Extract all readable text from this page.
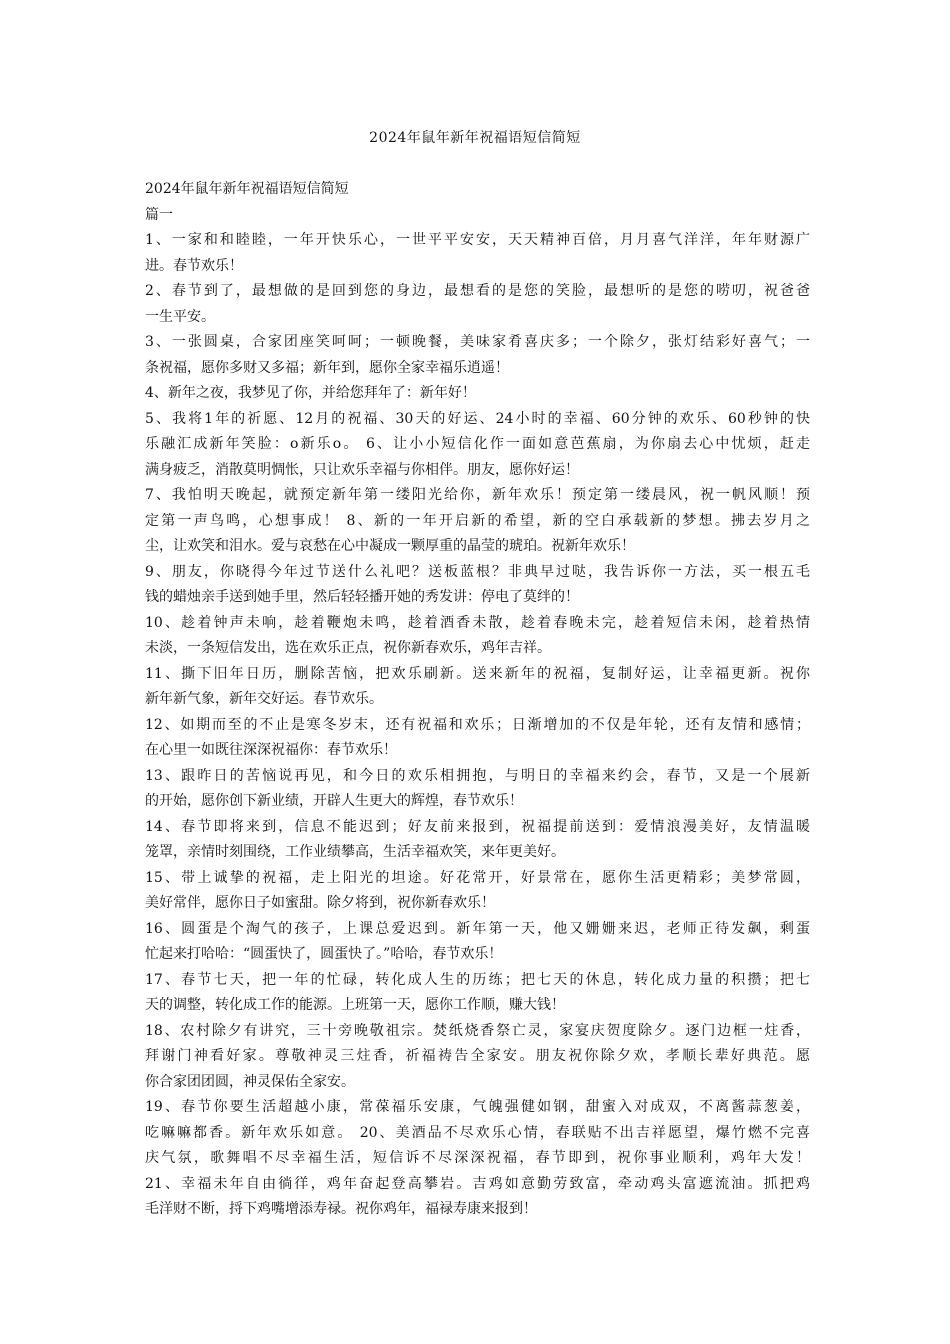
2024年鼠年新年祝福语短信简短
2024年鼠年新年祝福语短信简短
篇一
1、一家和和睦睦，一年开快乐心，一世平平安安，天天精神百倍，月月喜气洋洋，年年财源广
进。春节欢乐！
2、春节到了，最想做的是回到您的身边，最想看的是您的笑脸，最想听的是您的唠叨，祝爸爸
一生平安。
3、一张圆桌，合家团座笑呵呵；一顿晚餐，美味家肴喜庆多；一个除夕，张灯结彩好喜气；一
条祝福，愿你多财又多福；新年到，愿你全家幸福乐逍遥！
4、新年之夜，我梦见了你，并给您拜年了：新年好！
5、我将1年的祈愿、12月的祝福、30天的好运、24小时的幸福、60分钟的欢乐、60秒钟的快
乐融汇成新年笑脸：o新乐o。 6、让小小短信化作一面如意芭蕉扇，为你扇去心中忧烦，赶走
满身疲乏，消散莫明惆怅，只让欢乐幸福与你相伴。朋友，愿你好运！
7、我怕明天晚起，就预定新年第一缕阳光给你，新年欢乐！预定第一缕晨风，祝一帆风顺！预
定第一声鸟鸣，心想事成！ 8、新的一年开启新的希望，新的空白承载新的梦想。拂去岁月之
尘，让欢笑和泪水。爱与哀愁在心中凝成一颗厚重的晶莹的琥珀。祝新年欢乐！
9、朋友，你晓得今年过节送什么礼吧？送板蓝根？非典早过哒，我告诉你一方法，买一根五毛
钱的蜡烛亲手送到她手里，然后轻轻播开她的秀发讲：停电了莫绊的！
10、趁着钟声未响，趁着鞭炮未鸣，趁着酒香未散，趁着春晚未完，趁着短信未闲，趁着热情
未淡，一条短信发出，选在欢乐正点，祝你新春欢乐，鸡年吉祥。
11、撕下旧年日历，删除苦恼，把欢乐刷新。送来新年的祝福，复制好运，让幸福更新。祝你
新年新气象，新年交好运。春节欢乐。
12、如期而至的不止是寒冬岁末，还有祝福和欢乐；日渐增加的不仅是年轮，还有友情和感情；
在心里一如既往深深祝福你：春节欢乐！
13、跟昨日的苦恼说再见，和今日的欢乐相拥抱，与明日的幸福来约会，春节，又是一个展新
的开始，愿你创下新业绩，开辟人生更大的辉煌，春节欢乐！
14、春节即将来到，信息不能迟到；好友前来报到，祝福提前送到：爱情浪漫美好，友情温暖
笼罩，亲情时刻围绕，工作业绩攀高，生活幸福欢笑，来年更美好。
15、带上诚挚的祝福，走上阳光的坦途。好花常开，好景常在，愿你生活更精彩；美梦常圆，
美好常伴，愿你日子如蜜甜。除夕将到，祝你新春欢乐！
16、圆蛋是个淘气的孩子，上课总爱迟到。新年第一天，他又姗姗来迟，老师正待发飙，剩蛋
忙起来打哈哈：“圆蛋快了，圆蛋快了。”哈哈，春节欢乐！
17、春节七天，把一年的忙碌，转化成人生的历练；把七天的休息，转化成力量的积攒；把七
天的调整，转化成工作的能源。上班第一天，愿你工作顺，赚大钱！
18、农村除夕有讲究，三十旁晚敬祖宗。焚纸烧香祭亡灵，家宴庆贺度除夕。逐门边框一炷香，
拜谢门神看好家。尊敬神灵三炷香，祈福祷告全家安。朋友祝你除夕欢，孝顺长辈好典范。愿
你合家团团圆，神灵保佑全家安。
19、春节你要生活超越小康，常葆福乐安康，气魄强健如钢，甜蜜入对成双，不离酱蒜葱姜，
吃嘛嘛都香。新年欢乐如意。 20、美酒品不尽欢乐心情，春联贴不出吉祥愿望，爆竹燃不完喜
庆气氛，歌舞唱不尽幸福生活，短信诉不尽深深祝福，春节即到，祝你事业顺利，鸡年大发！
21、幸福未年自由徜徉，鸡年奋起登高攀岩。吉鸡如意勤劳致富，牵动鸡头富遮流油。抓把鸡
毛洋财不断，捋下鸡嘴增添寿禄。祝你鸡年，福禄寿康来报到！
